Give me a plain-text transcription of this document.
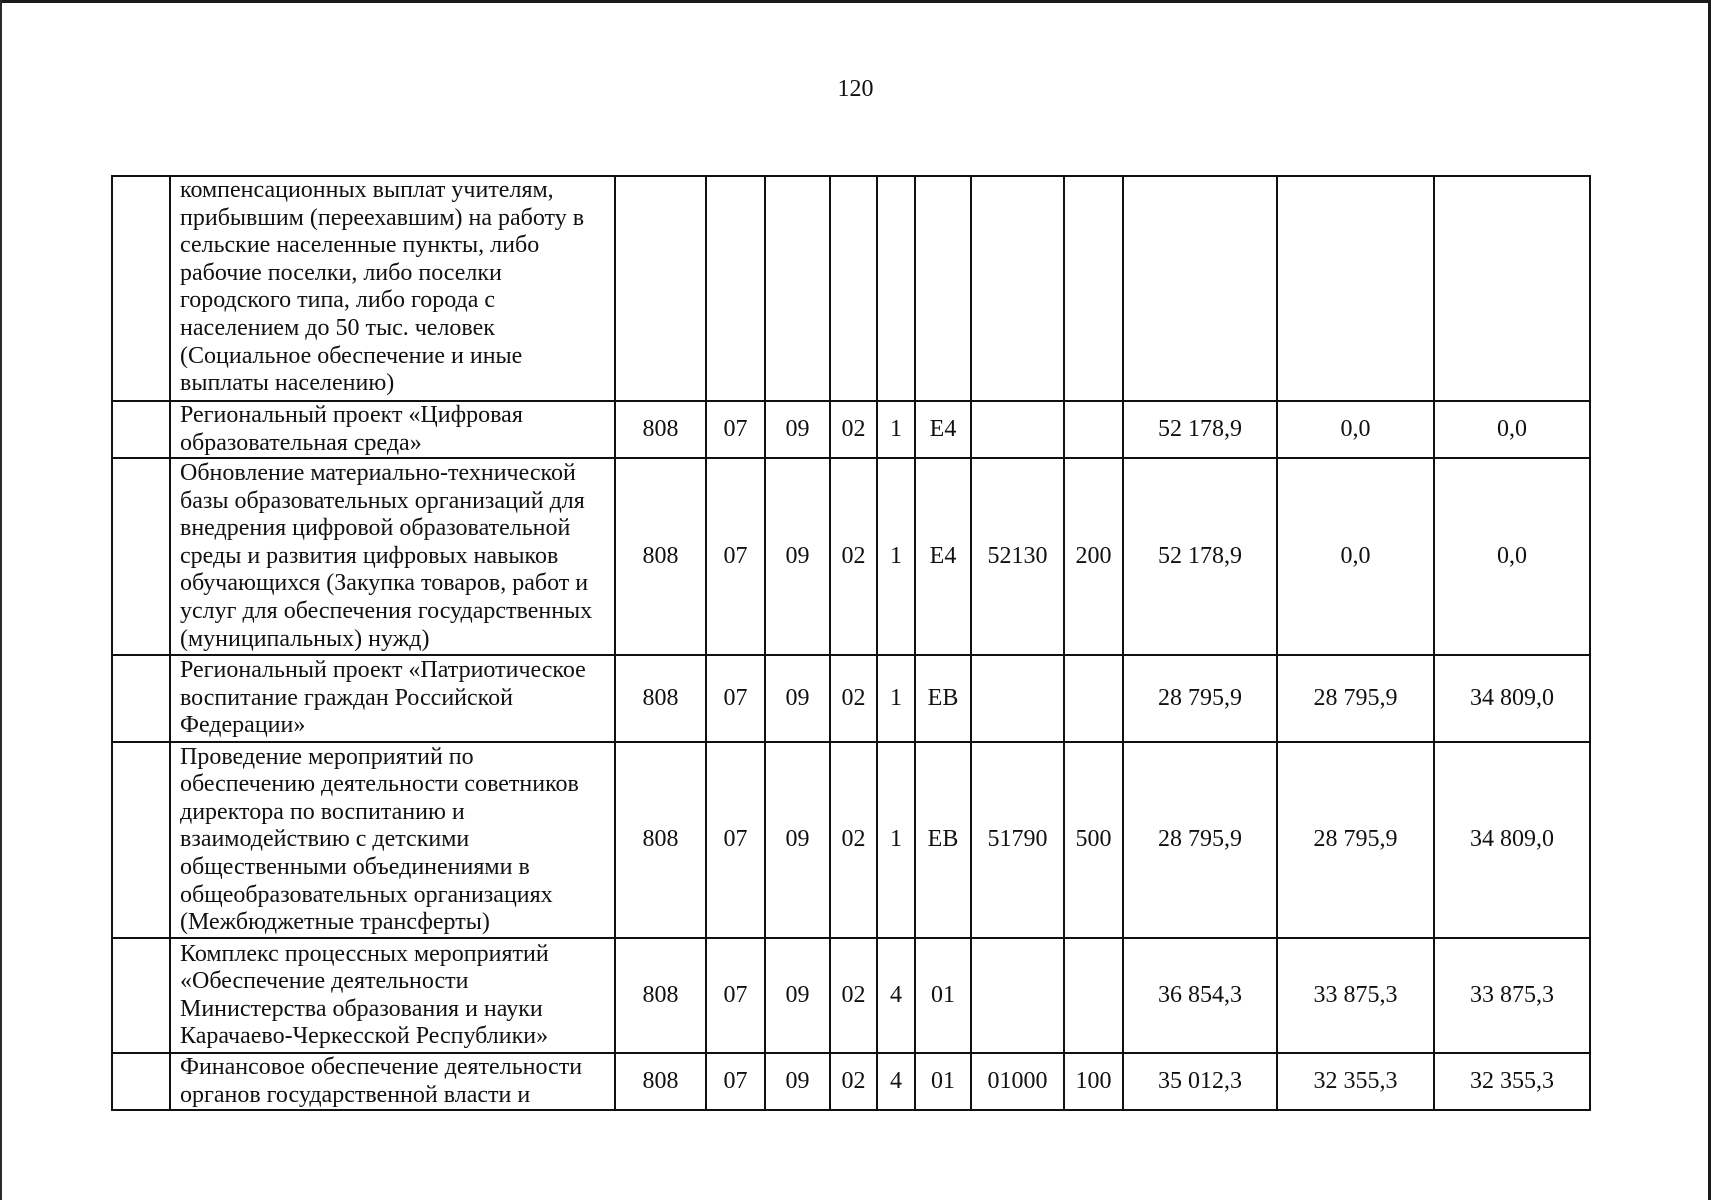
120
	компенсационных выплат учителям, прибывшим (переехавшим) на работу в сельские населенные пункты, либо рабочие поселки, либо поселки городского типа, либо города с населением до 50 тыс. человек (Социальное обеспечение и иные выплаты населению)											
	Региональный проект «Цифровая образовательная среда»	808	07	09	02	1	Е4			52 178,9	0,0	0,0
	Обновление материально-технической базы образовательных организаций для внедрения цифровой образовательной среды и развития цифровых навыков обучающихся (Закупка товаров, работ и услуг для обеспечения государственных (муниципальных) нужд)	808	07	09	02	1	Е4	52130	200	52 178,9	0,0	0,0
	Региональный проект «Патриотическое воспитание граждан Российской Федерации»	808	07	09	02	1	ЕВ			28 795,9	28 795,9	34 809,0
	Проведение мероприятий по обеспечению деятельности советников директора по воспитанию и взаимодействию с детскими общественными объединениями в общеобразовательных организациях (Межбюджетные трансферты)	808	07	09	02	1	ЕВ	51790	500	28 795,9	28 795,9	34 809,0
	Комплекс процессных мероприятий «Обеспечение деятельности Министерства образования и науки Карачаево-Черкесской Республики»	808	07	09	02	4	01			36 854,3	33 875,3	33 875,3
	Финансовое обеспечение деятельности органов государственной власти и	808	07	09	02	4	01	01000	100	35 012,3	32 355,3	32 355,3
